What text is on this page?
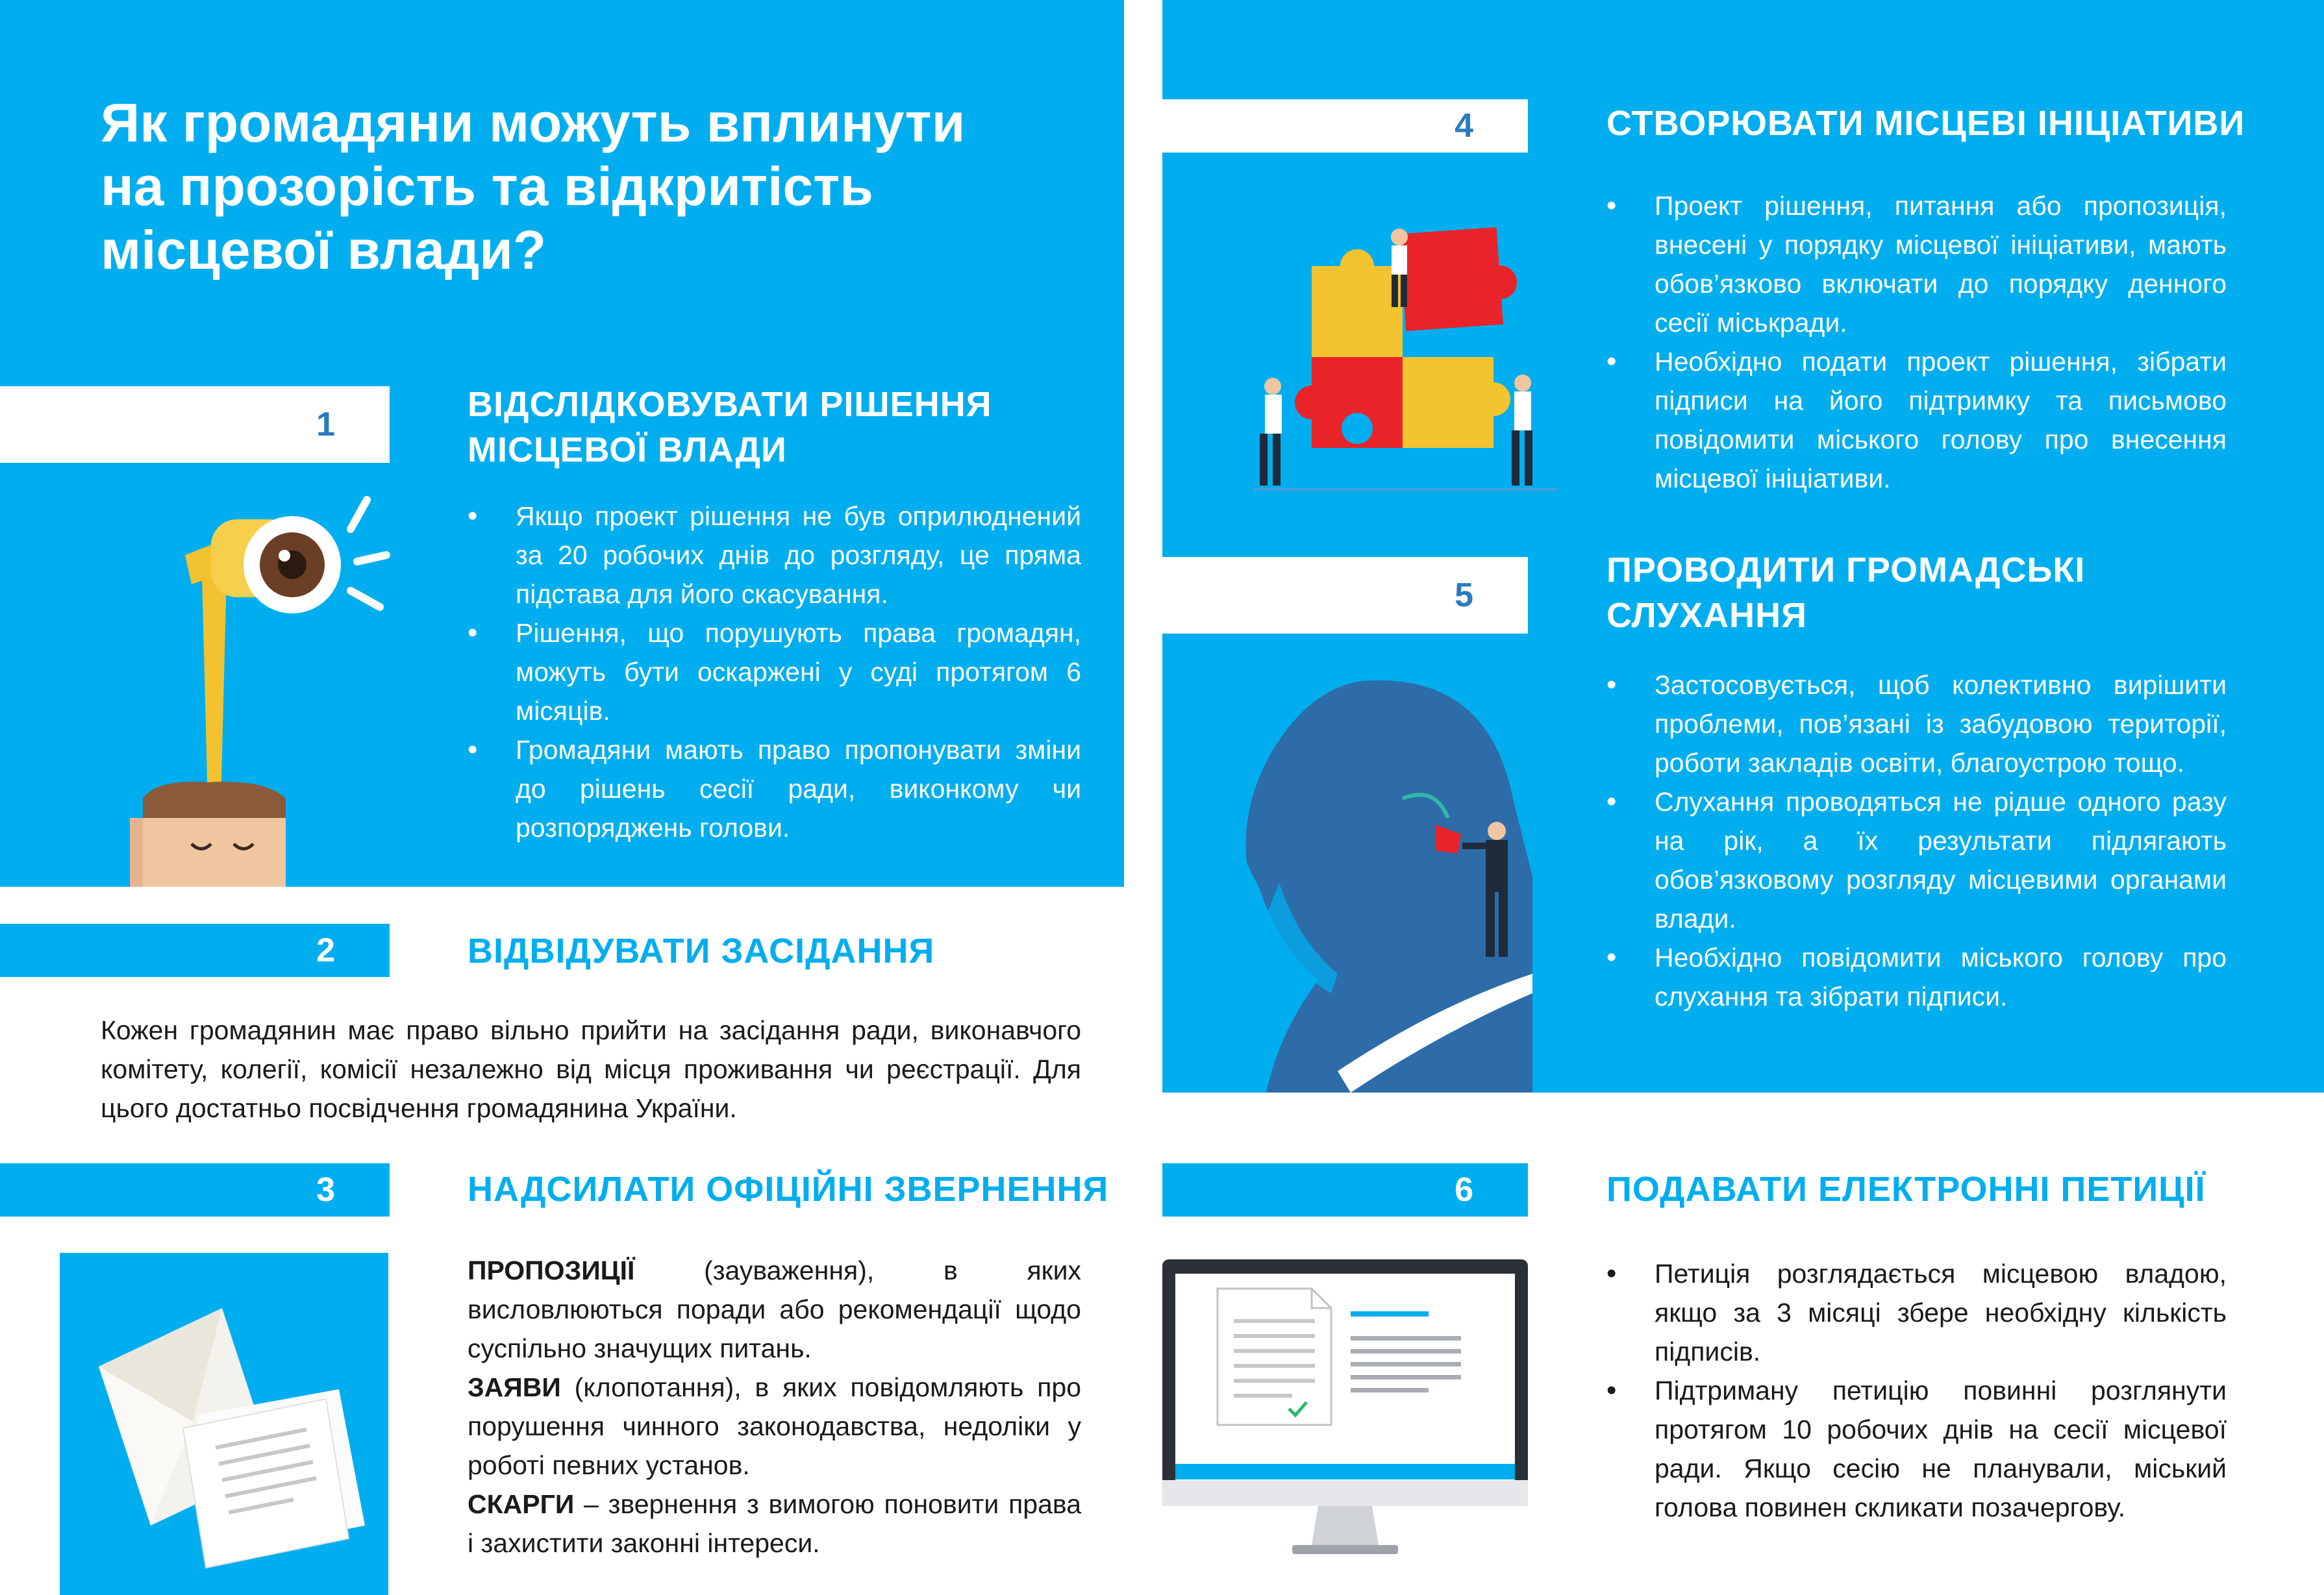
Як громадяни можуть вплинути
на прозорість та відкритість
місцевої влади?
1
ВІДСЛІДКОВУВАТИ РІШЕННЯ
МІСЦЕВОЇ ВЛАДИ
• Якщо проект рішення не був оприлюднений за 20 робочих днів до розгляду, це пряма підстава для його скасування.
• Рішення, що порушують права громадян, можуть бути оскаржені у суді протягом 6 місяців.
• Громадяни мають право пропонувати зміни до рішень сесії ради, виконкому чи розпоряджень голови.
2	ВІДВІДУВАТИ ЗАСІДАННЯ
Кожен громадянин має право вільно прийти на засідання ради, виконавчого комітету, колегії, комісії незалежно від місця проживання чи реєстрації. Для цього достатньо посвідчення громадянина України.
3	НАДСИЛАТИ ОФІЦІЙНІ ЗВЕРНЕННЯ
ПРОПОЗИЦІЇ (зауваження), в яких висловлюються поради або рекомендації щодо суспільно значущих питань.
ЗАЯВИ (клопотання), в яких повідомляють про порушення чинного законодавства, недоліки у роботі певних установ.
СКАРГИ – звернення з вимогою поновити права і захистити законні інтереси.
4	СТВОРЮВАТИ МІСЦЕВІ ІНІЦІАТИВИ
• Проект рішення, питання або пропозиція, внесені у порядку місцевої ініціативи, мають обов’язково включати до порядку денного сесії міськради.
• Необхідно подати проект рішення, зібрати підписи на його підтримку та письмово повідомити міського голову про внесення місцевої ініціативи.
5
ПРОВОДИТИ ГРОМАДСЬКІ
СЛУХАННЯ
• Застосовується, щоб колективно вирішити проблеми, пов’язані із забудовою території, роботи закладів освіти, благоустрою тощо.
• Слухання проводяться не рідше одного разу на рік, а їх результати підлягають обов’язковому розгляду місцевими органами влади.
• Необхідно повідомити міського голову про слухання та зібрати підписи.
6	ПОДАВАТИ ЕЛЕКТРОННІ ПЕТИЦІЇ
• Петиція розглядається місцевою владою, якщо за 3 місяці збере необхідну кількість підписів.
• Підтриману петицію повинні розглянути протягом 10 робочих днів на сесії місцевої ради. Якщо сесію не планували, міський голова повинен скликати позачергову.
